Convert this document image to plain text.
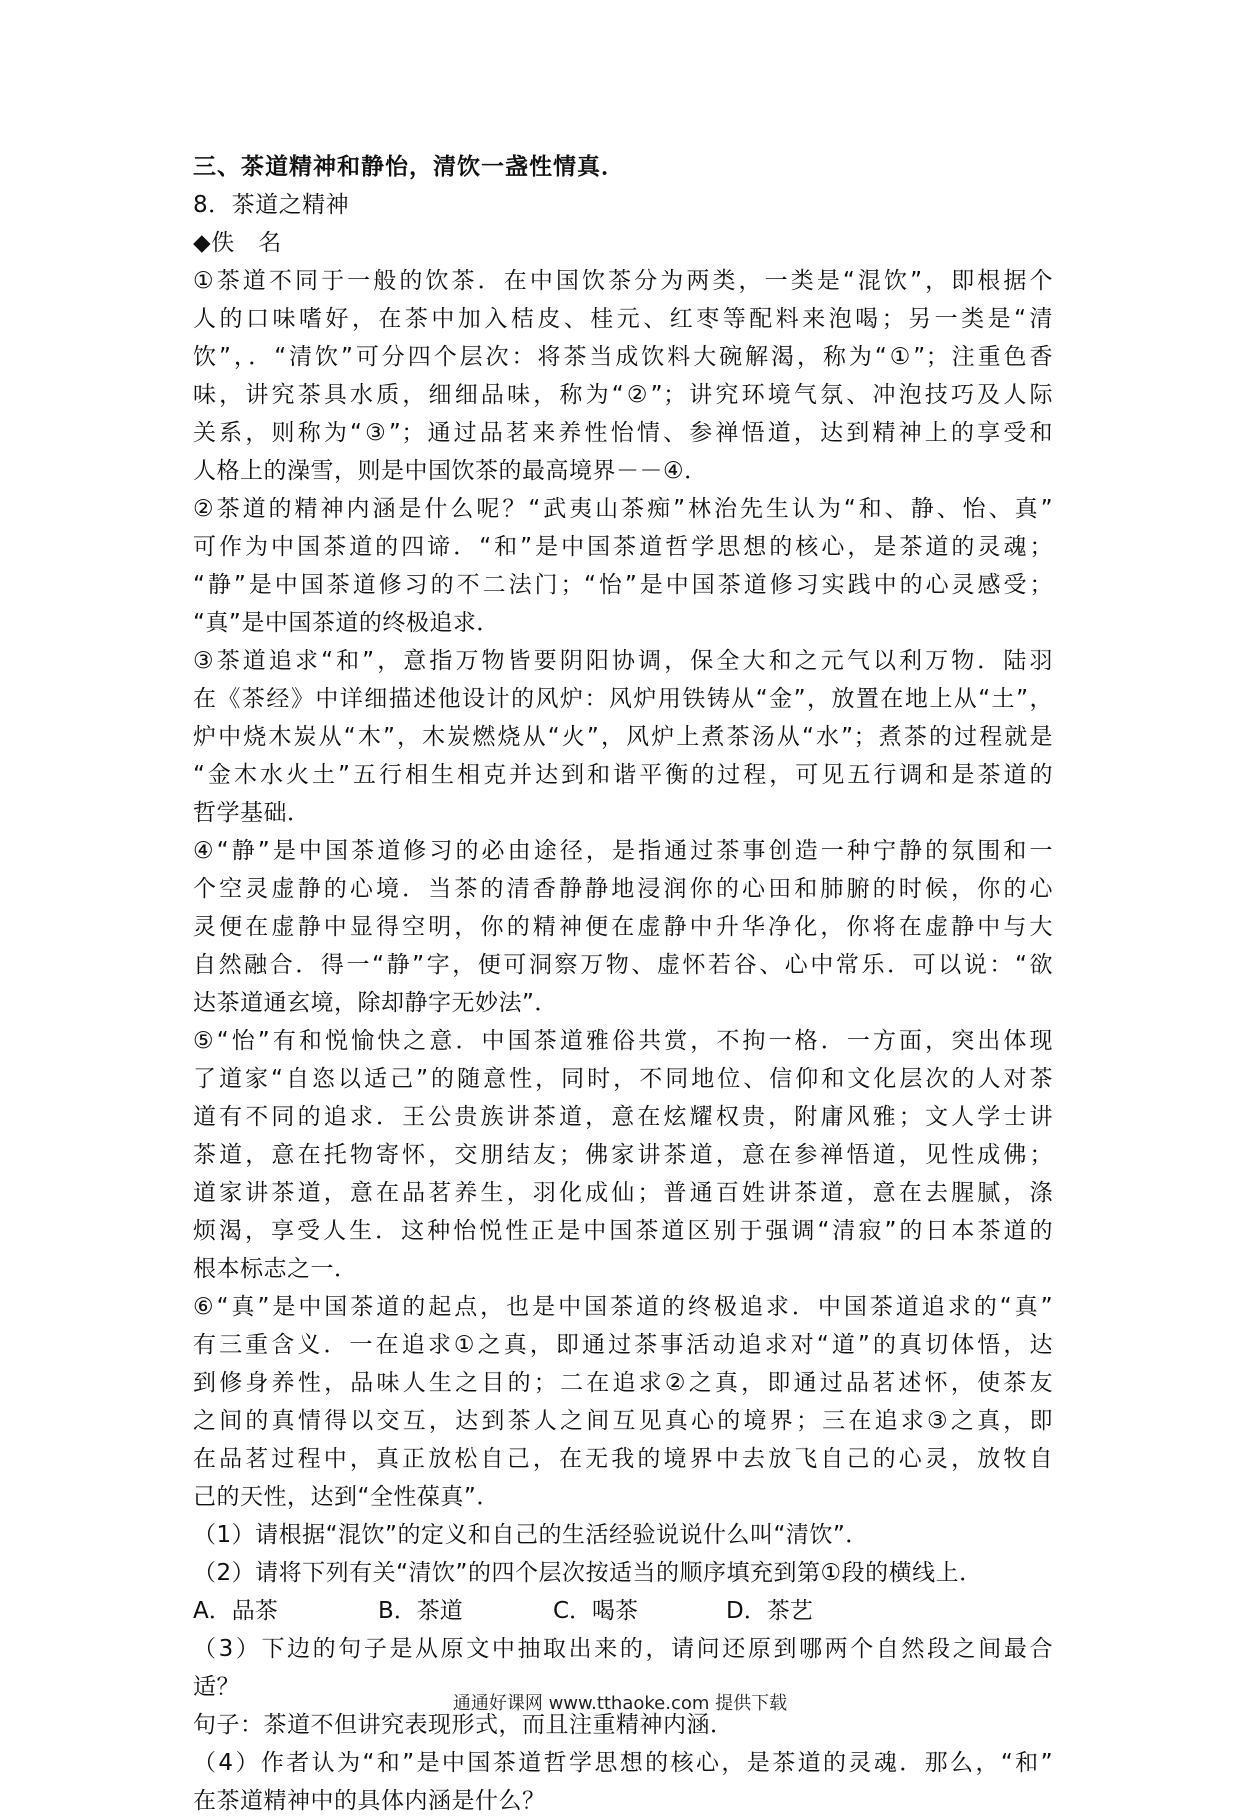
三、茶道精神和静怡，清饮一盏性情真．
8．茶道之精神
◆佚　名
①茶道不同于一般的饮茶．在中国饮茶分为两类，一类是“混饮”，即根据个
人的口味嗜好，在茶中加入桔皮、桂元、红枣等配料来泡喝；另一类是“清
饮”，．“清饮”可分四个层次：将茶当成饮料大碗解渴，称为“①”；注重色香
味，讲究茶具水质，细细品味，称为“②”；讲究环境气氛、冲泡技巧及人际
关系，则称为“③”；通过品茗来养性怡情、参禅悟道，达到精神上的享受和
人格上的澡雪，则是中国饮茶的最高境界－－④．
②茶道的精神内涵是什么呢？“武夷山茶痴”林治先生认为“和、静、怡、真”
可作为中国茶道的四谛．“和”是中国茶道哲学思想的核心，是茶道的灵魂；
“静”是中国茶道修习的不二法门；“怡”是中国茶道修习实践中的心灵感受；
“真”是中国茶道的终极追求．
③茶道追求“和”，意指万物皆要阴阳协调，保全大和之元气以利万物．陆羽
在《茶经》中详细描述他设计的风炉：风炉用铁铸从“金”，放置在地上从“土”，
炉中烧木炭从“木”，木炭燃烧从“火”，风炉上煮茶汤从“水”；煮茶的过程就是
“金木水火土”五行相生相克并达到和谐平衡的过程，可见五行调和是茶道的
哲学基础．
④“静”是中国茶道修习的必由途径，是指通过茶事创造一种宁静的氛围和一
个空灵虚静的心境．当茶的清香静静地浸润你的心田和肺腑的时候，你的心
灵便在虚静中显得空明，你的精神便在虚静中升华净化，你将在虚静中与大
自然融合．得一“静”字，便可洞察万物、虚怀若谷、心中常乐．可以说：“欲
达茶道通玄境，除却静字无妙法”．
⑤“怡”有和悦愉快之意．中国茶道雅俗共赏，不拘一格．一方面，突出体现
了道家“自恣以适己”的随意性，同时，不同地位、信仰和文化层次的人对茶
道有不同的追求．王公贵族讲茶道，意在炫耀权贵，附庸风雅；文人学士讲
茶道，意在托物寄怀，交朋结友；佛家讲茶道，意在参禅悟道，见性成佛；
道家讲茶道，意在品茗养生，羽化成仙；普通百姓讲茶道，意在去腥腻，涤
烦渴，享受人生．这种怡悦性正是中国茶道区别于强调“清寂”的日本茶道的
根本标志之一．
⑥“真”是中国茶道的起点，也是中国茶道的终极追求．中国茶道追求的“真”
有三重含义．一在追求①之真，即通过茶事活动追求对“道”的真切体悟，达
到修身养性，品味人生之目的；二在追求②之真，即通过品茗述怀，使茶友
之间的真情得以交互，达到茶人之间互见真心的境界；三在追求③之真，即
在品茗过程中，真正放松自己，在无我的境界中去放飞自己的心灵，放牧自
己的天性，达到“全性葆真”．
（1）请根据“混饮”的定义和自己的生活经验说说什么叫“清饮”．
（2）请将下列有关“清饮”的四个层次按适当的顺序填充到第①段的横线上．
A．品茶	B．茶道	C．喝茶	D．茶艺
（3）下边的句子是从原文中抽取出来的，请问还原到哪两个自然段之间最合
适？
句子：茶道不但讲究表现形式，而且注重精神内涵．
（4）作者认为“和”是中国茶道哲学思想的核心，是茶道的灵魂．那么，“和”
在茶道精神中的具体内涵是什么？
通通好课网 www.tthaoke.com 提供下载
